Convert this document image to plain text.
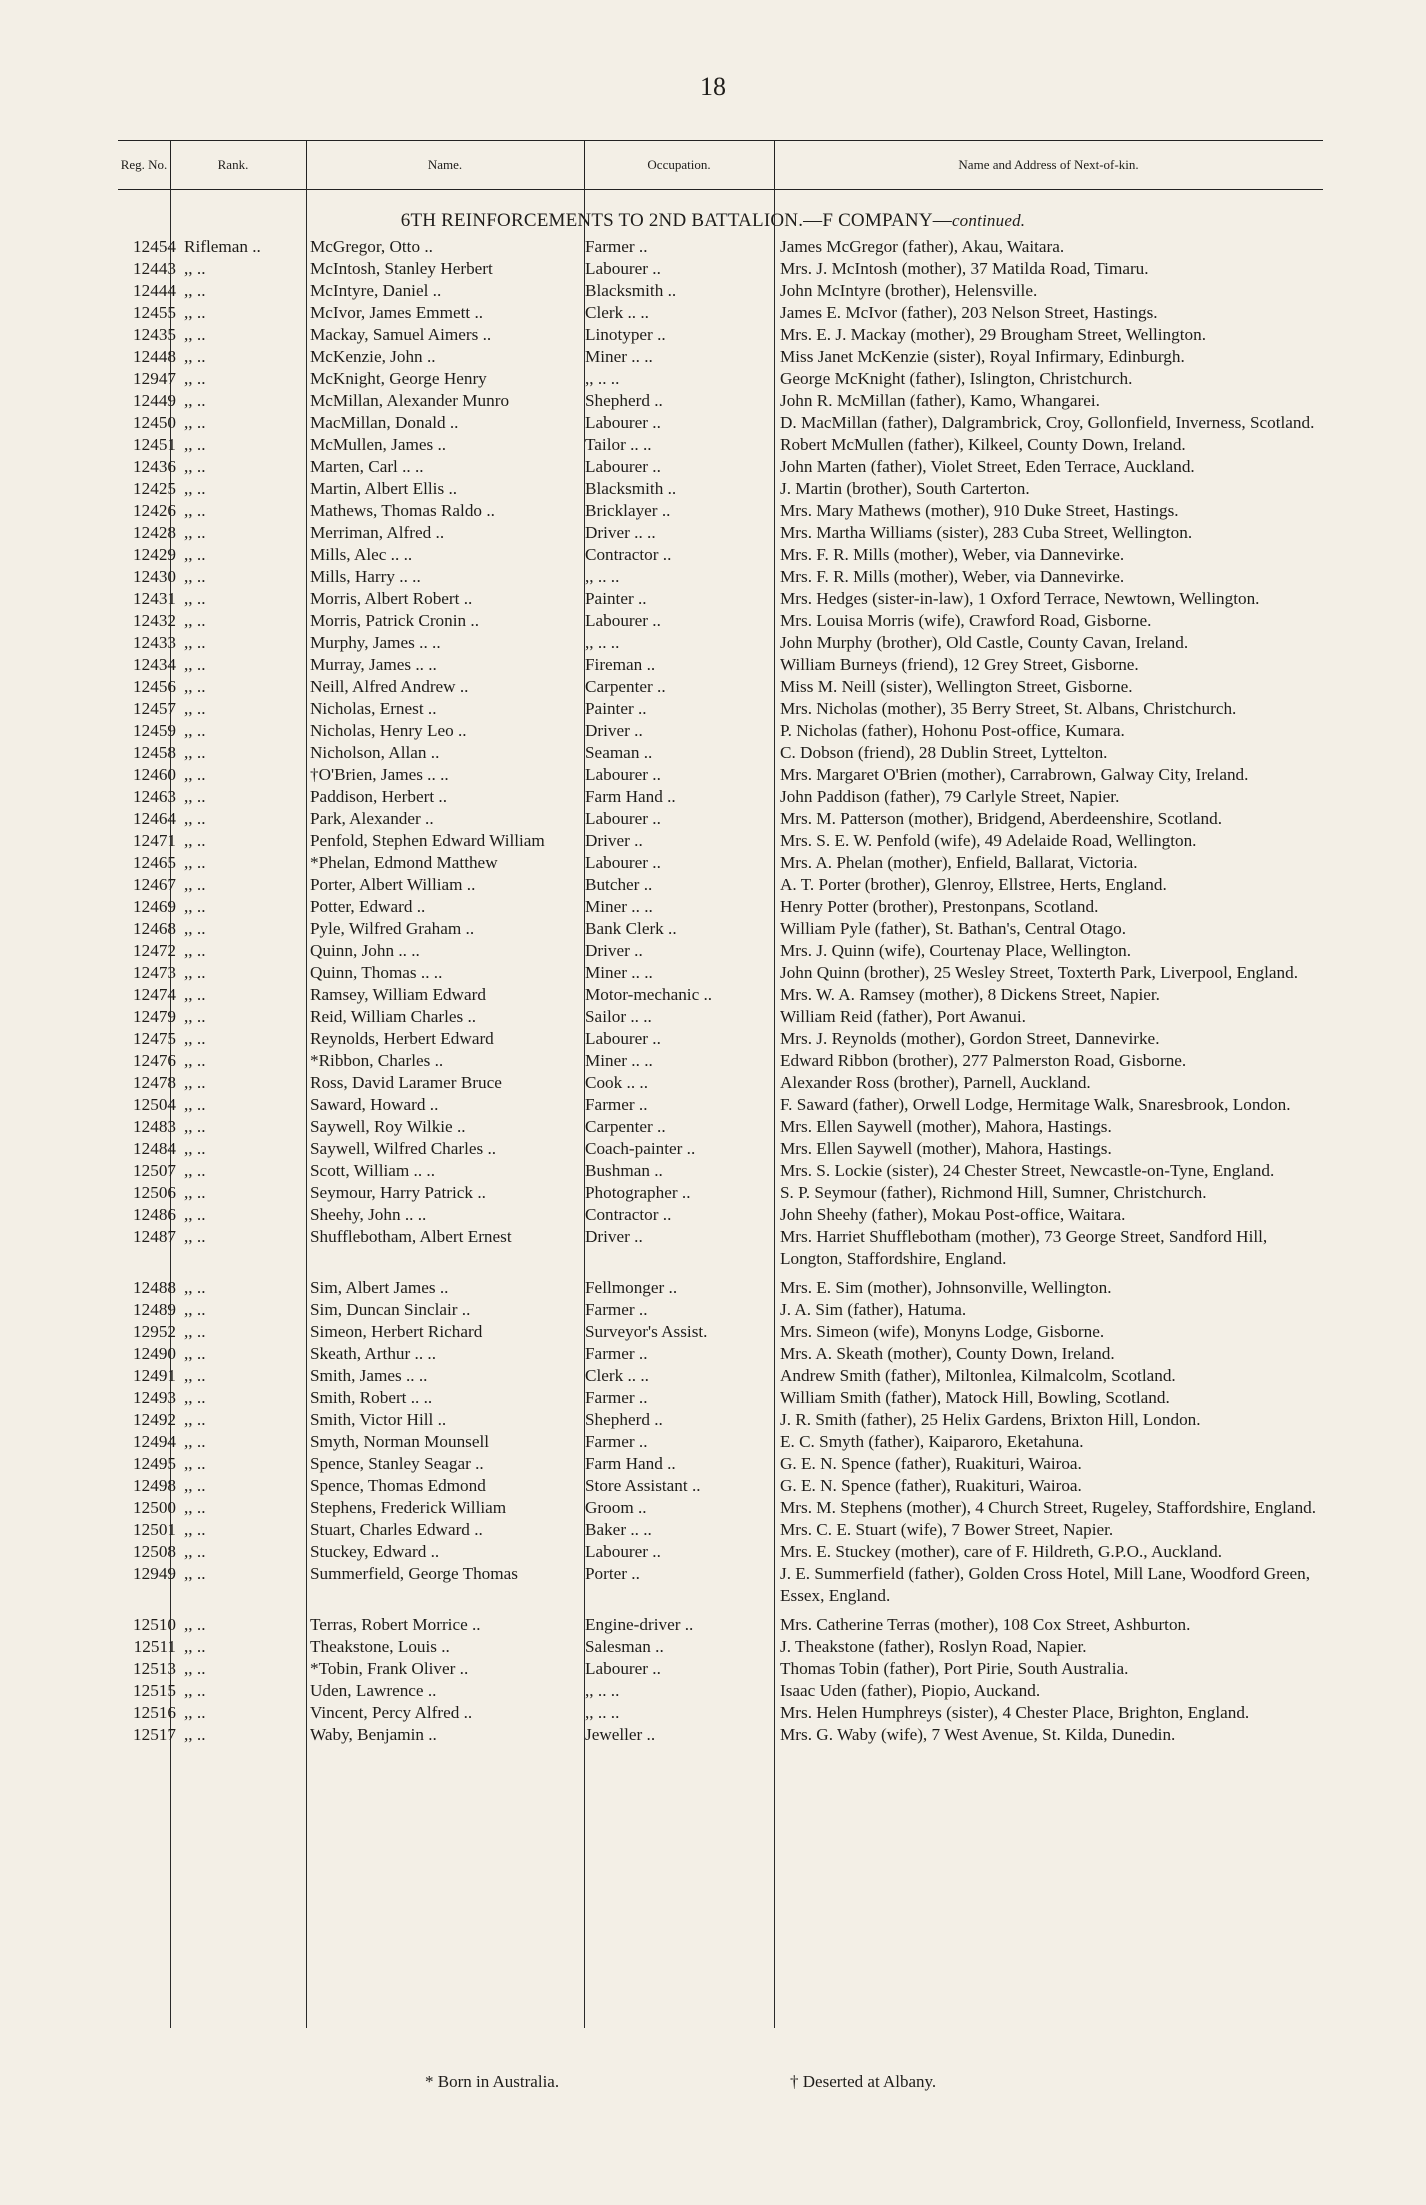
18
Reg. No.	Rank.	Name.	Occupation.	Name and Address of Next-of-kin.
6TH REINFORCEMENTS TO 2ND BATTALION.—F COMPANY—continued.
12454 Rifleman ..	McGregor, Otto ..	Farmer ..	James McGregor (father), Akau, Waitara.
12443 ,, ..	McIntosh, Stanley Herbert	Labourer ..	Mrs. J. McIntosh (mother), 37 Matilda Road, Timaru.
12444 ,, ..	McIntyre, Daniel ..	Blacksmith ..	John McIntyre (brother), Helensville.
12455 ,, ..	McIvor, James Emmett ..	Clerk .. ..	James E. McIvor (father), 203 Nelson Street, Hastings.
12435 ,, ..	Mackay, Samuel Aimers ..	Linotyper ..	Mrs. E. J. Mackay (mother), 29 Brougham Street, Wellington.
12448 ,, ..	McKenzie, John ..	Miner .. ..	Miss Janet McKenzie (sister), Royal Infirmary, Edinburgh.
12947 ,, ..	McKnight, George Henry	,, .. ..	George McKnight (father), Islington, Christchurch.
12449 ,, ..	McMillan, Alexander Munro	Shepherd ..	John R. McMillan (father), Kamo, Whangarei.
12450 ,, ..	MacMillan, Donald ..	Labourer ..	D. MacMillan (father), Dalgrambrick, Croy, Gollonfield, Inverness, Scotland.
12451 ,, ..	McMullen, James ..	Tailor .. ..	Robert McMullen (father), Kilkeel, County Down, Ireland.
12436 ,, ..	Marten, Carl .. ..	Labourer ..	John Marten (father), Violet Street, Eden Terrace, Auckland.
12425 ,, ..	Martin, Albert Ellis ..	Blacksmith ..	J. Martin (brother), South Carterton.
12426 ,, ..	Mathews, Thomas Raldo ..	Bricklayer ..	Mrs. Mary Mathews (mother), 910 Duke Street, Hastings.
12428 ,, ..	Merriman, Alfred ..	Driver .. ..	Mrs. Martha Williams (sister), 283 Cuba Street, Wellington.
12429 ,, ..	Mills, Alec .. ..	Contractor ..	Mrs. F. R. Mills (mother), Weber, via Dannevirke.
12430 ,, ..	Mills, Harry .. ..	,, .. ..	Mrs. F. R. Mills (mother), Weber, via Dannevirke.
12431 ,, ..	Morris, Albert Robert ..	Painter ..	Mrs. Hedges (sister-in-law), 1 Oxford Terrace, Newtown, Wellington.
12432 ,, ..	Morris, Patrick Cronin ..	Labourer ..	Mrs. Louisa Morris (wife), Crawford Road, Gisborne.
12433 ,, ..	Murphy, James .. ..	,, .. ..	John Murphy (brother), Old Castle, County Cavan, Ireland.
12434 ,, ..	Murray, James .. ..	Fireman ..	William Burneys (friend), 12 Grey Street, Gisborne.
12456 ,, ..	Neill, Alfred Andrew ..	Carpenter ..	Miss M. Neill (sister), Wellington Street, Gisborne.
12457 ,, ..	Nicholas, Ernest ..	Painter ..	Mrs. Nicholas (mother), 35 Berry Street, St. Albans, Christchurch.
12459 ,, ..	Nicholas, Henry Leo ..	Driver ..	P. Nicholas (father), Hohonu Post-office, Kumara.
12458 ,, ..	Nicholson, Allan ..	Seaman ..	C. Dobson (friend), 28 Dublin Street, Lyttelton.
12460 ,, ..	†O'Brien, James .. ..	Labourer ..	Mrs. Margaret O'Brien (mother), Carrabrown, Galway City, Ireland.
12463 ,, ..	Paddison, Herbert ..	Farm Hand ..	John Paddison (father), 79 Carlyle Street, Napier.
12464 ,, ..	Park, Alexander ..	Labourer ..	Mrs. M. Patterson (mother), Bridgend, Aberdeenshire, Scotland.
12471 ,, ..	Penfold, Stephen Edward William	Driver ..	Mrs. S. E. W. Penfold (wife), 49 Adelaide Road, Wellington.
12465 ,, ..	*Phelan, Edmond Matthew	Labourer ..	Mrs. A. Phelan (mother), Enfield, Ballarat, Victoria.
12467 ,, ..	Porter, Albert William ..	Butcher ..	A. T. Porter (brother), Glenroy, Ellstree, Herts, England.
12469 ,, ..	Potter, Edward ..	Miner .. ..	Henry Potter (brother), Prestonpans, Scotland.
12468 ,, ..	Pyle, Wilfred Graham ..	Bank Clerk ..	William Pyle (father), St. Bathan's, Central Otago.
12472 ,, ..	Quinn, John .. ..	Driver ..	Mrs. J. Quinn (wife), Courtenay Place, Wellington.
12473 ,, ..	Quinn, Thomas .. ..	Miner .. ..	John Quinn (brother), 25 Wesley Street, Toxterth Park, Liverpool, England.
12474 ,, ..	Ramsey, William Edward	Motor-mechanic ..	Mrs. W. A. Ramsey (mother), 8 Dickens Street, Napier.
12479 ,, ..	Reid, William Charles ..	Sailor .. ..	William Reid (father), Port Awanui.
12475 ,, ..	Reynolds, Herbert Edward	Labourer ..	Mrs. J. Reynolds (mother), Gordon Street, Dannevirke.
12476 ,, ..	*Ribbon, Charles ..	Miner .. ..	Edward Ribbon (brother), 277 Palmerston Road, Gisborne.
12478 ,, ..	Ross, David Laramer Bruce	Cook .. ..	Alexander Ross (brother), Parnell, Auckland.
12504 ,, ..	Saward, Howard ..	Farmer ..	F. Saward (father), Orwell Lodge, Hermitage Walk, Snaresbrook, London.
12483 ,, ..	Saywell, Roy Wilkie ..	Carpenter ..	Mrs. Ellen Saywell (mother), Mahora, Hastings.
12484 ,, ..	Saywell, Wilfred Charles ..	Coach-painter ..	Mrs. Ellen Saywell (mother), Mahora, Hastings.
12507 ,, ..	Scott, William .. ..	Bushman ..	Mrs. S. Lockie (sister), 24 Chester Street, Newcastle-on-Tyne, England.
12506 ,, ..	Seymour, Harry Patrick ..	Photographer ..	S. P. Seymour (father), Richmond Hill, Sumner, Christchurch.
12486 ,, ..	Sheehy, John .. ..	Contractor ..	John Sheehy (father), Mokau Post-office, Waitara.
12487 ,, ..	Shufflebotham, Albert Ernest	Driver ..	Mrs. Harriet Shufflebotham (mother), 73 George Street, Sandford Hill, Longton, Staffordshire, England.
12488 ,, ..	Sim, Albert James ..	Fellmonger ..	Mrs. E. Sim (mother), Johnsonville, Wellington.
12489 ,, ..	Sim, Duncan Sinclair ..	Farmer ..	J. A. Sim (father), Hatuma.
12952 ,, ..	Simeon, Herbert Richard	Surveyor's Assist.	Mrs. Simeon (wife), Monyns Lodge, Gisborne.
12490 ,, ..	Skeath, Arthur .. ..	Farmer ..	Mrs. A. Skeath (mother), County Down, Ireland.
12491 ,, ..	Smith, James .. ..	Clerk .. ..	Andrew Smith (father), Miltonlea, Kilmalcolm, Scotland.
12493 ,, ..	Smith, Robert .. ..	Farmer ..	William Smith (father), Matock Hill, Bowling, Scotland.
12492 ,, ..	Smith, Victor Hill ..	Shepherd ..	J. R. Smith (father), 25 Helix Gardens, Brixton Hill, London.
12494 ,, ..	Smyth, Norman Mounsell	Farmer ..	E. C. Smyth (father), Kaiparoro, Eketahuna.
12495 ,, ..	Spence, Stanley Seagar ..	Farm Hand ..	G. E. N. Spence (father), Ruakituri, Wairoa.
12498 ,, ..	Spence, Thomas Edmond	Store Assistant ..	G. E. N. Spence (father), Ruakituri, Wairoa.
12500 ,, ..	Stephens, Frederick William	Groom ..	Mrs. M. Stephens (mother), 4 Church Street, Rugeley, Staffordshire, England.
12501 ,, ..	Stuart, Charles Edward ..	Baker .. ..	Mrs. C. E. Stuart (wife), 7 Bower Street, Napier.
12508 ,, ..	Stuckey, Edward ..	Labourer ..	Mrs. E. Stuckey (mother), care of F. Hildreth, G.P.O., Auckland.
12949 ,, ..	Summerfield, George Thomas	Porter ..	J. E. Summerfield (father), Golden Cross Hotel, Mill Lane, Woodford Green, Essex, England.
12510 ,, ..	Terras, Robert Morrice ..	Engine-driver ..	Mrs. Catherine Terras (mother), 108 Cox Street, Ashburton.
12511 ,, ..	Theakstone, Louis ..	Salesman ..	J. Theakstone (father), Roslyn Road, Napier.
12513 ,, ..	*Tobin, Frank Oliver ..	Labourer ..	Thomas Tobin (father), Port Pirie, South Australia.
12515 ,, ..	Uden, Lawrence ..	,, .. ..	Isaac Uden (father), Piopio, Auckand.
12516 ,, ..	Vincent, Percy Alfred ..	,, .. ..	Mrs. Helen Humphreys (sister), 4 Chester Place, Brighton, England.
12517 ,, ..	Waby, Benjamin ..	Jeweller ..	Mrs. G. Waby (wife), 7 West Avenue, St. Kilda, Dunedin.
* Born in Australia.	† Deserted at Albany.
